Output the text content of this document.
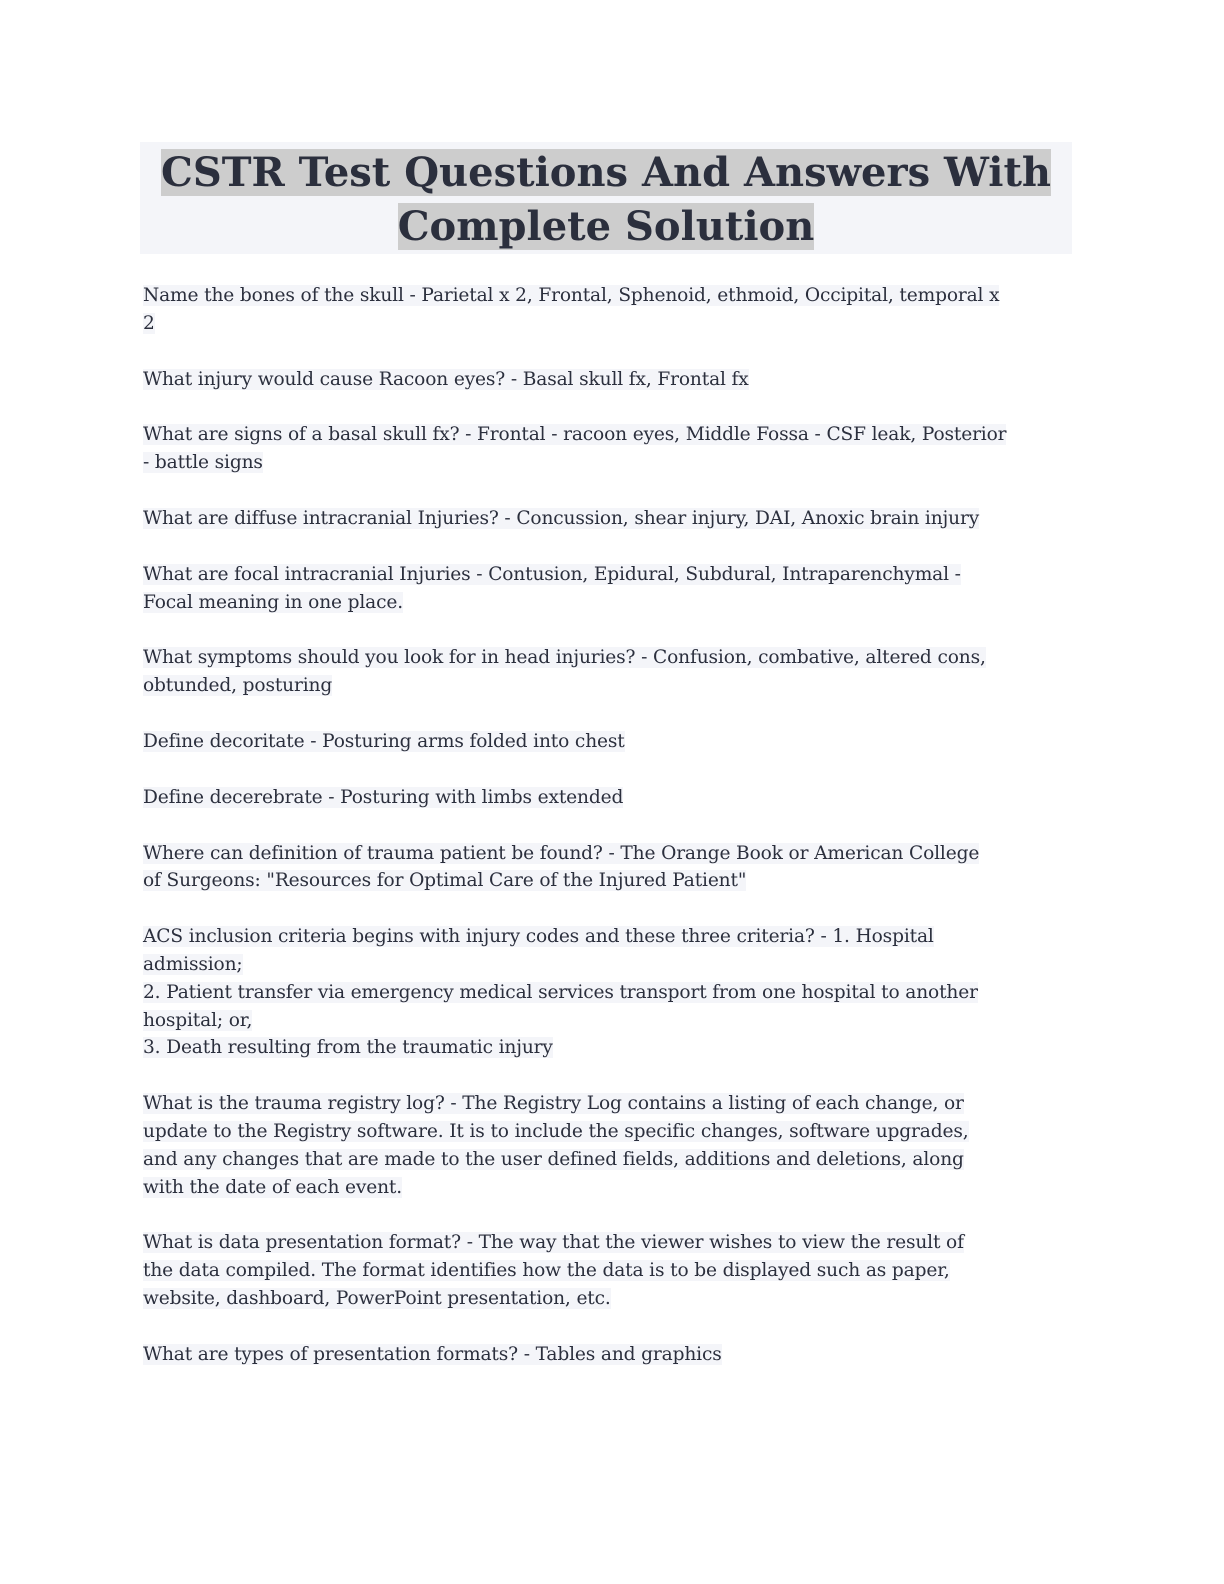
CSTR Test Questions And Answers With
Complete Solution
Name the bones of the skull - Parietal x 2, Frontal, Sphenoid, ethmoid, Occipital, temporal x
2
What injury would cause Racoon eyes? - Basal skull fx, Frontal fx
What are signs of a basal skull fx? - Frontal - racoon eyes, Middle Fossa - CSF leak, Posterior
- battle signs
What are diffuse intracranial Injuries? - Concussion, shear injury, DAI, Anoxic brain injury
What are focal intracranial Injuries - Contusion, Epidural, Subdural, Intraparenchymal -
Focal meaning in one place.
What symptoms should you look for in head injuries? - Confusion, combative, altered cons,
obtunded, posturing
Define decoritate - Posturing arms folded into chest
Define decerebrate - Posturing with limbs extended
Where can definition of trauma patient be found? - The Orange Book or American College
of Surgeons: "Resources for Optimal Care of the Injured Patient"
ACS inclusion criteria begins with injury codes and these three criteria? - 1. Hospital
admission;
2. Patient transfer via emergency medical services transport from one hospital to another
hospital; or,
3. Death resulting from the traumatic injury
What is the trauma registry log? - The Registry Log contains a listing of each change, or
update to the Registry software. It is to include the specific changes, software upgrades,
and any changes that are made to the user defined fields, additions and deletions, along
with the date of each event.
What is data presentation format? - The way that the viewer wishes to view the result of
the data compiled. The format identifies how the data is to be displayed such as paper,
website, dashboard, PowerPoint presentation, etc.
What are types of presentation formats? - Tables and graphics
